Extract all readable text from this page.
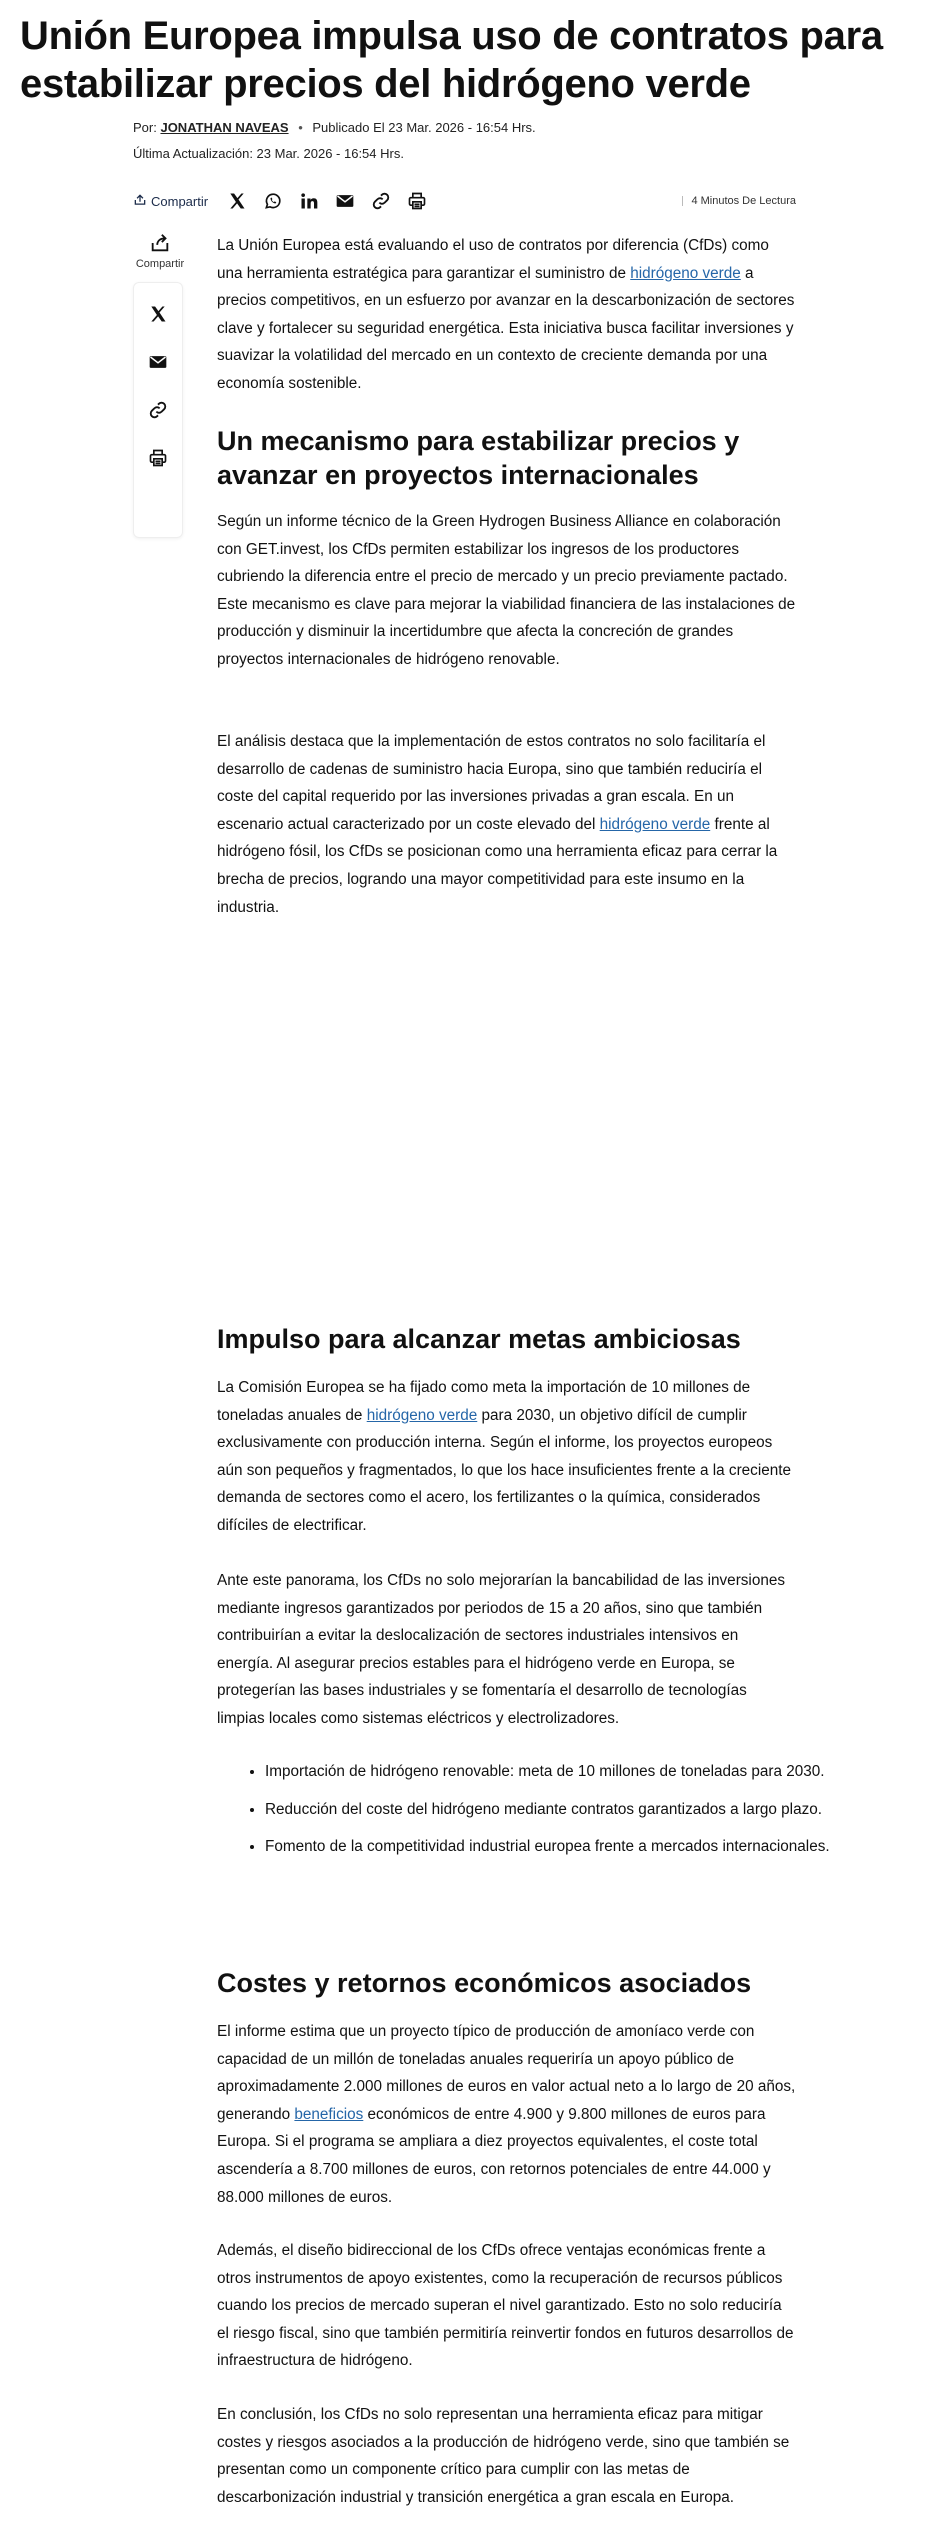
Unión Europea impulsa uso de contratos para estabilizar precios del hidrógeno verde
Por: JONATHAN NAVEAS • Publicado El 23 Mar. 2026 - 16:54 Hrs.
Última Actualización: 23 Mar. 2026 - 16:54 Hrs.
Compartir	4 Minutos De Lectura
Compartir

La Unión Europea está evaluando el uso de contratos por diferencia (CfDs) como una herramienta estratégica para garantizar el suministro de hidrógeno verde a precios competitivos, en un esfuerzo por avanzar en la descarbonización de sectores clave y fortalecer su seguridad energética. Esta iniciativa busca facilitar inversiones y suavizar la volatilidad del mercado en un contexto de creciente demanda por una economía sostenible.

Un mecanismo para estabilizar precios y avanzar en proyectos internacionales

Según un informe técnico de la Green Hydrogen Business Alliance en colaboración con GET.invest, los CfDs permiten estabilizar los ingresos de los productores cubriendo la diferencia entre el precio de mercado y un precio previamente pactado. Este mecanismo es clave para mejorar la viabilidad financiera de las instalaciones de producción y disminuir la incertidumbre que afecta la concreción de grandes proyectos internacionales de hidrógeno renovable.

El análisis destaca que la implementación de estos contratos no solo facilitaría el desarrollo de cadenas de suministro hacia Europa, sino que también reduciría el coste del capital requerido por las inversiones privadas a gran escala. En un escenario actual caracterizado por un coste elevado del hidrógeno verde frente al hidrógeno fósil, los CfDs se posicionan como una herramienta eficaz para cerrar la brecha de precios, logrando una mayor competitividad para este insumo en la industria.

Impulso para alcanzar metas ambiciosas

La Comisión Europea se ha fijado como meta la importación de 10 millones de toneladas anuales de hidrógeno verde para 2030, un objetivo difícil de cumplir exclusivamente con producción interna. Según el informe, los proyectos europeos aún son pequeños y fragmentados, lo que los hace insuficientes frente a la creciente demanda de sectores como el acero, los fertilizantes o la química, considerados difíciles de electrificar.

Ante este panorama, los CfDs no solo mejorarían la bancabilidad de las inversiones mediante ingresos garantizados por periodos de 15 a 20 años, sino que también contribuirían a evitar la deslocalización de sectores industriales intensivos en energía. Al asegurar precios estables para el hidrógeno verde en Europa, se protegerían las bases industriales y se fomentaría el desarrollo de tecnologías limpias locales como sistemas eléctricos y electrolizadores.

• Importación de hidrógeno renovable: meta de 10 millones de toneladas para 2030.
• Reducción del coste del hidrógeno mediante contratos garantizados a largo plazo.
• Fomento de la competitividad industrial europea frente a mercados internacionales.
Costes y retornos económicos asociados

El informe estima que un proyecto típico de producción de amoníaco verde con capacidad de un millón de toneladas anuales requeriría un apoyo público de aproximadamente 2.000 millones de euros en valor actual neto a lo largo de 20 años, generando beneficios económicos de entre 4.900 y 9.800 millones de euros para Europa. Si el programa se ampliara a diez proyectos equivalentes, el coste total ascendería a 8.700 millones de euros, con retornos potenciales de entre 44.000 y 88.000 millones de euros.

Además, el diseño bidireccional de los CfDs ofrece ventajas económicas frente a otros instrumentos de apoyo existentes, como la recuperación de recursos públicos cuando los precios de mercado superan el nivel garantizado. Esto no solo reduciría el riesgo fiscal, sino que también permitiría reinvertir fondos en futuros desarrollos de infraestructura de hidrógeno.

En conclusión, los CfDs no solo representan una herramienta eficaz para mitigar costes y riesgos asociados a la producción de hidrógeno verde, sino que también se presentan como un componente crítico para cumplir con las metas de descarbonización industrial y transición energética a gran escala en Europa.
